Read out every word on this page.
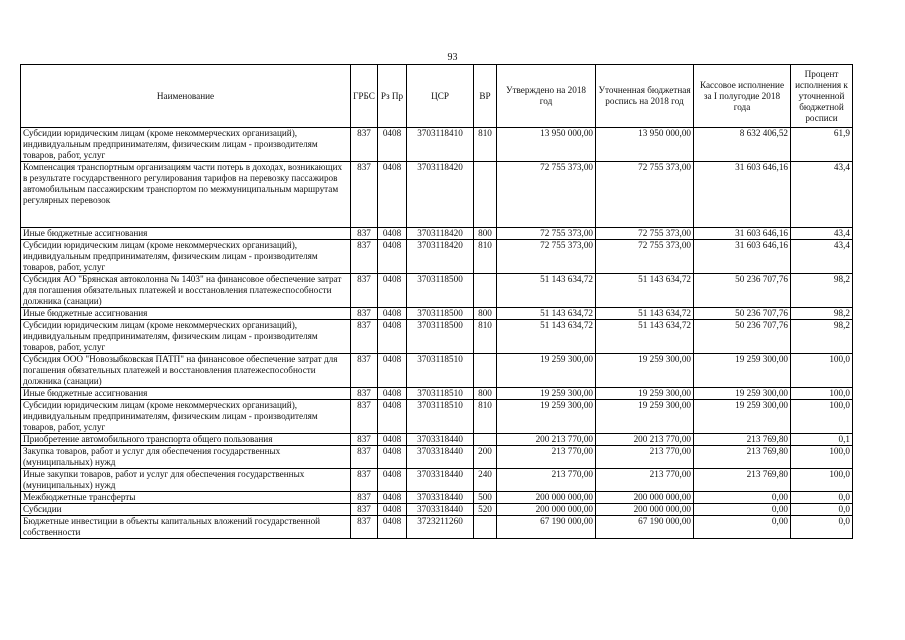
93
Наименование	ГРБС	Рз Пр	ЦСР	ВР	Утверждено на 2018 год	Уточненная бюджетная роспись на 2018 год	Кассовое исполнение за I полугодие 2018 года	Процент исполнения к уточненной бюджетной росписи
Субсидии юридическим лицам (кроме некоммерческих организаций), индивидуальным предпринимателям, физическим лицам - производителям товаров, работ, услуг	837	0408	3703118410	810	13 950 000,00	13 950 000,00	8 632 406,52	61,9
Компенсация транспортным организациям части потерь в доходах, возникающих в результате государственного регулирования тарифов на перевозку пассажиров автомобильным пассажирским транспортом по межмуниципальным маршрутам регулярных перевозок	837	0408	3703118420		72 755 373,00	72 755 373,00	31 603 646,16	43,4
Иные бюджетные ассигнования	837	0408	3703118420	800	72 755 373,00	72 755 373,00	31 603 646,16	43,4
Субсидии юридическим лицам (кроме некоммерческих организаций), индивидуальным предпринимателям, физическим лицам - производителям товаров, работ, услуг	837	0408	3703118420	810	72 755 373,00	72 755 373,00	31 603 646,16	43,4
Субсидия АО "Брянская автоколонна № 1403" на финансовое обеспечение затрат для погашения обязательных платежей и восстановления платежеспособности должника (санации)	837	0408	3703118500		51 143 634,72	51 143 634,72	50 236 707,76	98,2
Иные бюджетные ассигнования	837	0408	3703118500	800	51 143 634,72	51 143 634,72	50 236 707,76	98,2
Субсидии юридическим лицам (кроме некоммерческих организаций), индивидуальным предпринимателям, физическим лицам - производителям товаров, работ, услуг	837	0408	3703118500	810	51 143 634,72	51 143 634,72	50 236 707,76	98,2
Субсидия ООО "Новозыбковская ПАТП" на финансовое обеспечение затрат для погашения обязательных платежей и восстановления платежеспособности должника (санации)	837	0408	3703118510		19 259 300,00	19 259 300,00	19 259 300,00	100,0
Иные бюджетные ассигнования	837	0408	3703118510	800	19 259 300,00	19 259 300,00	19 259 300,00	100,0
Субсидии юридическим лицам (кроме некоммерческих организаций), индивидуальным предпринимателям, физическим лицам - производителям товаров, работ, услуг	837	0408	3703118510	810	19 259 300,00	19 259 300,00	19 259 300,00	100,0
Приобретение автомобильного транспорта общего пользования	837	0408	3703318440		200 213 770,00	200 213 770,00	213 769,80	0,1
Закупка товаров, работ и услуг для обеспечения государственных (муниципальных) нужд	837	0408	3703318440	200	213 770,00	213 770,00	213 769,80	100,0
Иные закупки товаров, работ и услуг для обеспечения государственных (муниципальных) нужд	837	0408	3703318440	240	213 770,00	213 770,00	213 769,80	100,0
Межбюджетные трансферты	837	0408	3703318440	500	200 000 000,00	200 000 000,00	0,00	0,0
Субсидии	837	0408	3703318440	520	200 000 000,00	200 000 000,00	0,00	0,0
Бюджетные инвестиции в объекты капитальных вложений государственной собственности	837	0408	3723211260		67 190 000,00	67 190 000,00	0,00	0,0
